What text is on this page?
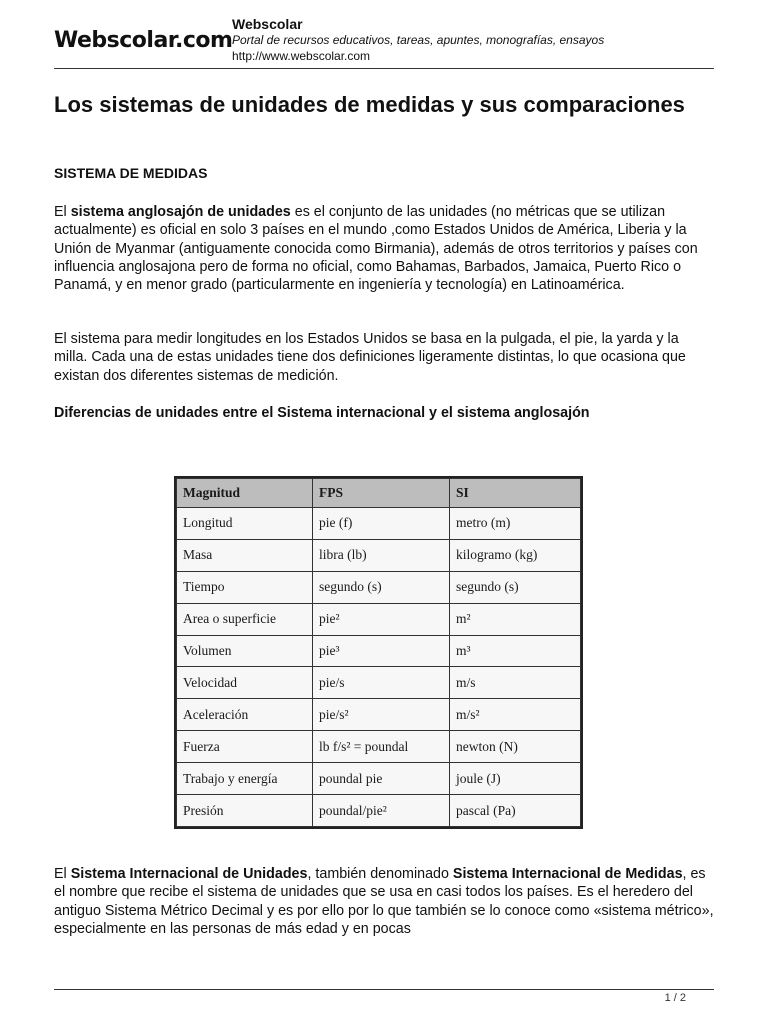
Webscolar.com
Webscolar
Portal de recursos educativos, tareas, apuntes, monografías, ensayos
http://www.webscolar.com
Los sistemas de unidades de medidas y sus comparaciones
SISTEMA DE MEDIDAS

El sistema anglosajón de unidades es el conjunto de las unidades (no métricas que se utilizan actualmente) es oficial en solo 3 países en el mundo ,como Estados Unidos de América, Liberia y la Unión de Myanmar (antiguamente conocida como Birmania), además de otros territorios y países con influencia anglosajona pero de forma no oficial, como Bahamas, Barbados, Jamaica, Puerto Rico o Panamá, y en menor grado (particularmente en ingeniería y tecnología) en Latinoamérica.

El sistema para medir longitudes en los Estados Unidos se basa en la pulgada, el pie, la yarda y la milla. Cada una de estas unidades tiene dos definiciones ligeramente distintas, lo que ocasiona que existan dos diferentes sistemas de medición.

Diferencias de unidades entre el Sistema internacional y el sistema anglosajón

Magnitud	FPS	SI
Longitud	pie (f)	metro (m)
Masa	libra (lb)	kilogramo (kg)
Tiempo	segundo (s)	segundo (s)
Area o superficie	pie²	m²
Volumen	pie³	m³
Velocidad	pie/s	m/s
Aceleración	pie/s²	m/s²
Fuerza	lb f/s² = poundal	newton (N)
Trabajo y energía	poundal pie	joule (J)
Presión	poundal/pie²	pascal (Pa)

El Sistema Internacional de Unidades, también denominado Sistema Internacional de Medidas, es el nombre que recibe el sistema de unidades que se usa en casi todos los países. Es el heredero del antiguo Sistema Métrico Decimal y es por ello por lo que también se lo conoce como «sistema métrico», especialmente en las personas de más edad y en pocas

1 / 2
